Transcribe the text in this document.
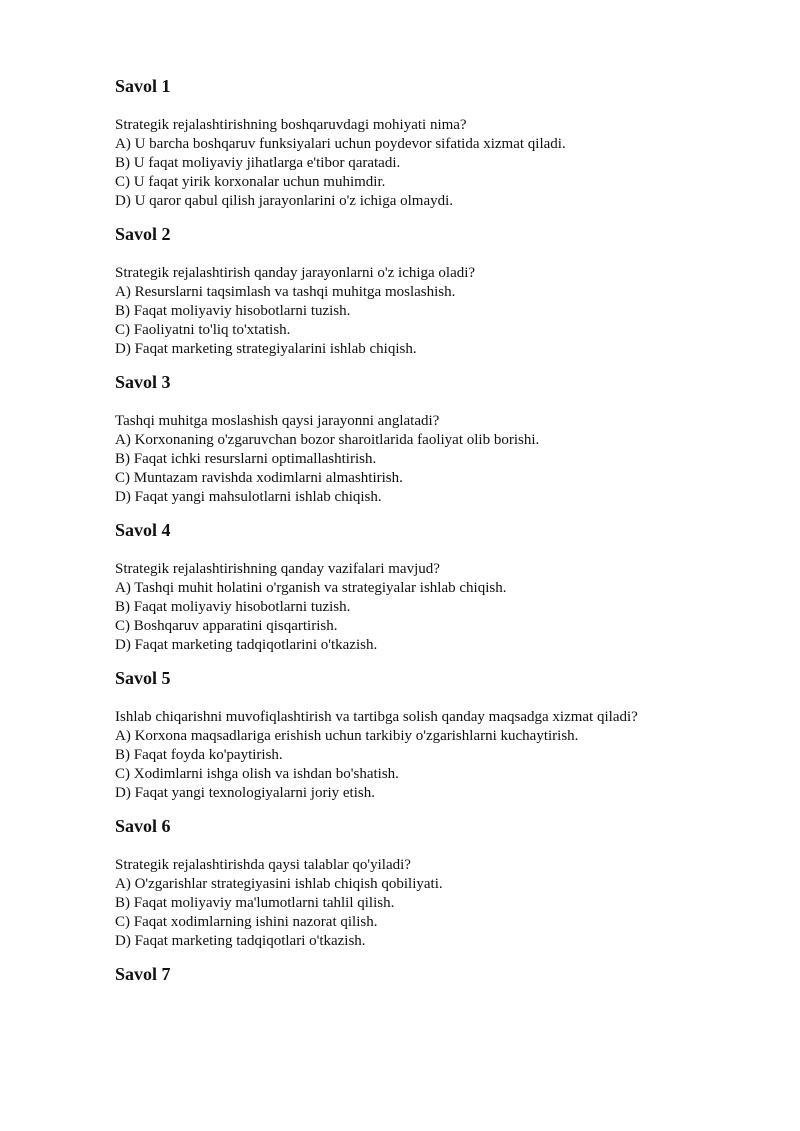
Savol 1

Strategik rejalashtirishning boshqaruvdagi mohiyati nima?

A) U barcha boshqaruv funksiyalari uchun poydevor sifatida xizmat qiladi.
B) U faqat moliyaviy jihatlarga e'tibor qaratadi.
C) U faqat yirik korxonalar uchun muhimdir.
D) U qaror qabul qilish jarayonlarini o'z ichiga olmaydi.
Savol 2

Strategik rejalashtirish qanday jarayonlarni o'z ichiga oladi?

A) Resurslarni taqsimlash va tashqi muhitga moslashish.
B) Faqat moliyaviy hisobotlarni tuzish.
C) Faoliyatni to'liq to'xtatish.
D) Faqat marketing strategiyalarini ishlab chiqish.
Savol 3

Tashqi muhitga moslashish qaysi jarayonni anglatadi?

A) Korxonaning o'zgaruvchan bozor sharoitlarida faoliyat olib borishi.
B) Faqat ichki resurslarni optimallashtirish.
C) Muntazam ravishda xodimlarni almashtirish.
D) Faqat yangi mahsulotlarni ishlab chiqish.
Savol 4

Strategik rejalashtirishning qanday vazifalari mavjud?

A) Tashqi muhit holatini o'rganish va strategiyalar ishlab chiqish.
B) Faqat moliyaviy hisobotlarni tuzish.
C) Boshqaruv apparatini qisqartirish.
D) Faqat marketing tadqiqotlarini o'tkazish.
Savol 5

Ishlab chiqarishni muvofiqlashtirish va tartibga solish qanday maqsadga xizmat qiladi?

A) Korxona maqsadlariga erishish uchun tarkibiy o'zgarishlarni kuchaytirish.
B) Faqat foyda ko'paytirish.
C) Xodimlarni ishga olish va ishdan bo'shatish.
D) Faqat yangi texnologiyalarni joriy etish.
Savol 6

Strategik rejalashtirishda qaysi talablar qo'yiladi?

A) O'zgarishlar strategiyasini ishlab chiqish qobiliyati.
B) Faqat moliyaviy ma'lumotlarni tahlil qilish.
C) Faqat xodimlarning ishini nazorat qilish.
D) Faqat marketing tadqiqotlari o'tkazish.
Savol 7
